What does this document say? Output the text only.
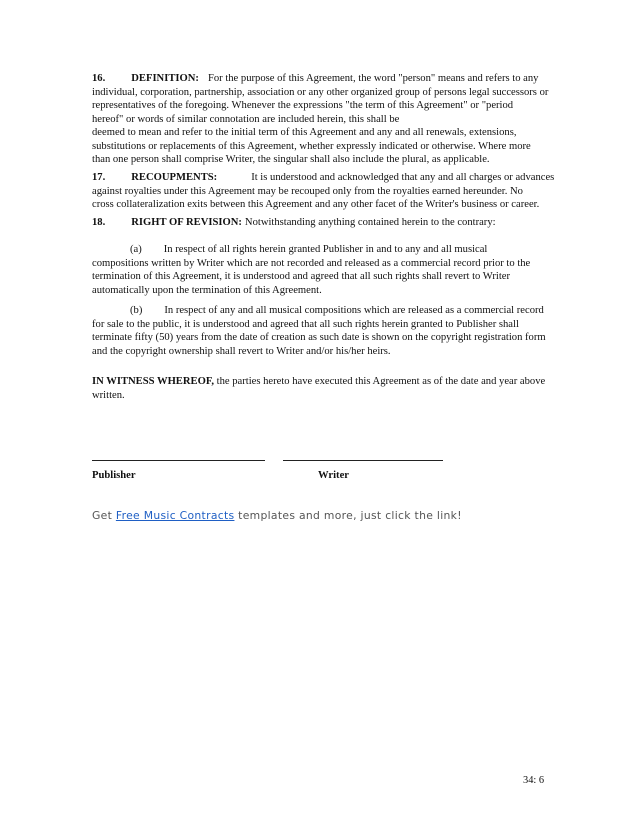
16. DEFINITION: For the purpose of this Agreement, the word "person" means and refers to any
individual, corporation, partnership, association or any other organized group of persons legal successors or
representatives of the foregoing. Whenever the expressions "the term of this Agreement" or "period
hereof" or words of similar connotation are included herein, this shall be
deemed to mean and refer to the initial term of this Agreement and any and all renewals, extensions,
substitutions or replacements of this Agreement, whether expressly indicated or otherwise. Where more
than one person shall comprise Writer, the singular shall also include the plural, as applicable.
17. RECOUPMENTS:	It is understood and acknowledged that any and all charges or advances
against royalties under this Agreement may be recouped only from the royalties earned hereunder. No
cross collateralization exits between this Agreement and any other facet of the Writer's business or career.
18. RIGHT OF REVISION: Notwithstanding anything contained herein to the contrary:
(a) In respect of all rights herein granted Publisher in and to any and all musical
compositions written by Writer which are not recorded and released as a commercial record prior to the
termination of this Agreement, it is understood and agreed that all such rights shall revert to Writer
automatically upon the termination of this Agreement.
(b) In respect of any and all musical compositions which are released as a commercial record
for sale to the public, it is understood and agreed that all such rights herein granted to Publisher shall
terminate fifty (50) years from the date of creation as such date is shown on the copyright registration form
and the copyright ownership shall revert to Writer and/or his/her heirs.
IN WITNESS WHEREOF, the parties hereto have executed this Agreement as of the date and year above
written.
Publisher	Writer
Get Free Music Contracts templates and more, just click the link!
34: 6
